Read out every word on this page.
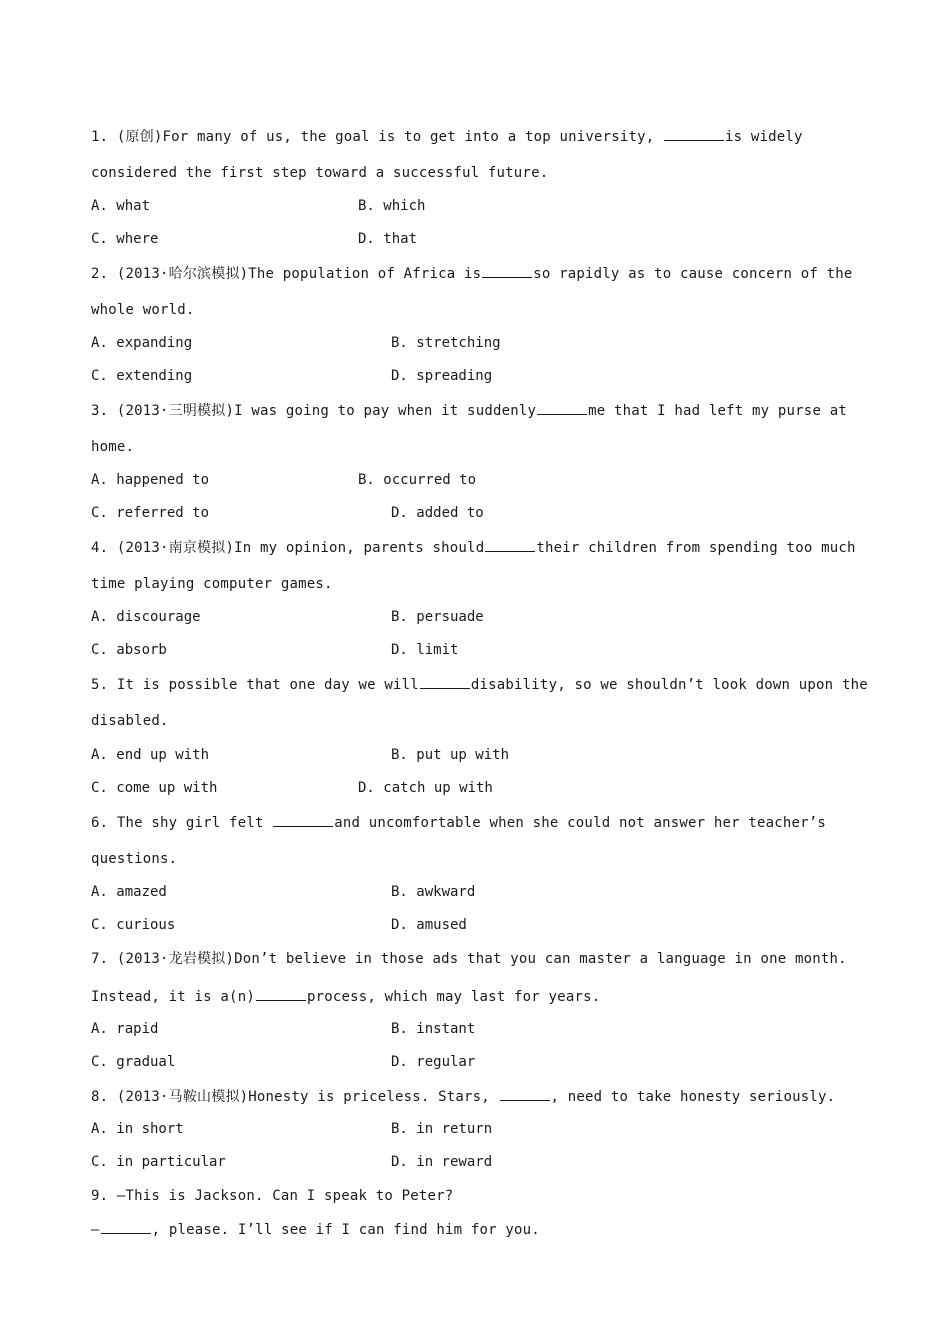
1. (原创)For many of us, the goal is to get into a top university,	is widely
considered the first step toward a successful future.
A. what	B. which
C. where	D. that
2. (2013·哈尔滨模拟)The population of Africa is	so rapidly as to cause concern of the
whole world.
A. expanding	B. stretching
C. extending	D. spreading
3. (2013·三明模拟)I was going to pay when it suddenly	me that I had left my purse at
home.
A. happened to	B. occurred to
C. referred to	D. added to
4. (2013·南京模拟)In my opinion, parents should	their children from spending too much
time playing computer games.
A. discourage	B. persuade
C. absorb	D. limit
5. It is possible that one day we will	disability, so we shouldn’t look down upon the
disabled.
A. end up with	B. put up with
C. come up with	D. catch up with
6. The shy girl felt	and uncomfortable when she could not answer her teacher’s
questions.
A. amazed	B. awkward
C. curious	D. amused
7. (2013·龙岩模拟)Don’t believe in those ads that you can master a language in one month.
Instead, it is a(n)	process, which may last for years.
A. rapid	B. instant
C. gradual	D. regular
8. (2013·马鞍山模拟)Honesty is priceless. Stars,	, need to take honesty seriously.
A. in short	B. in return
C. in particular	D. in reward
9. —This is Jackson. Can I speak to Peter?
—	, please. I’ll see if I can find him for you.
